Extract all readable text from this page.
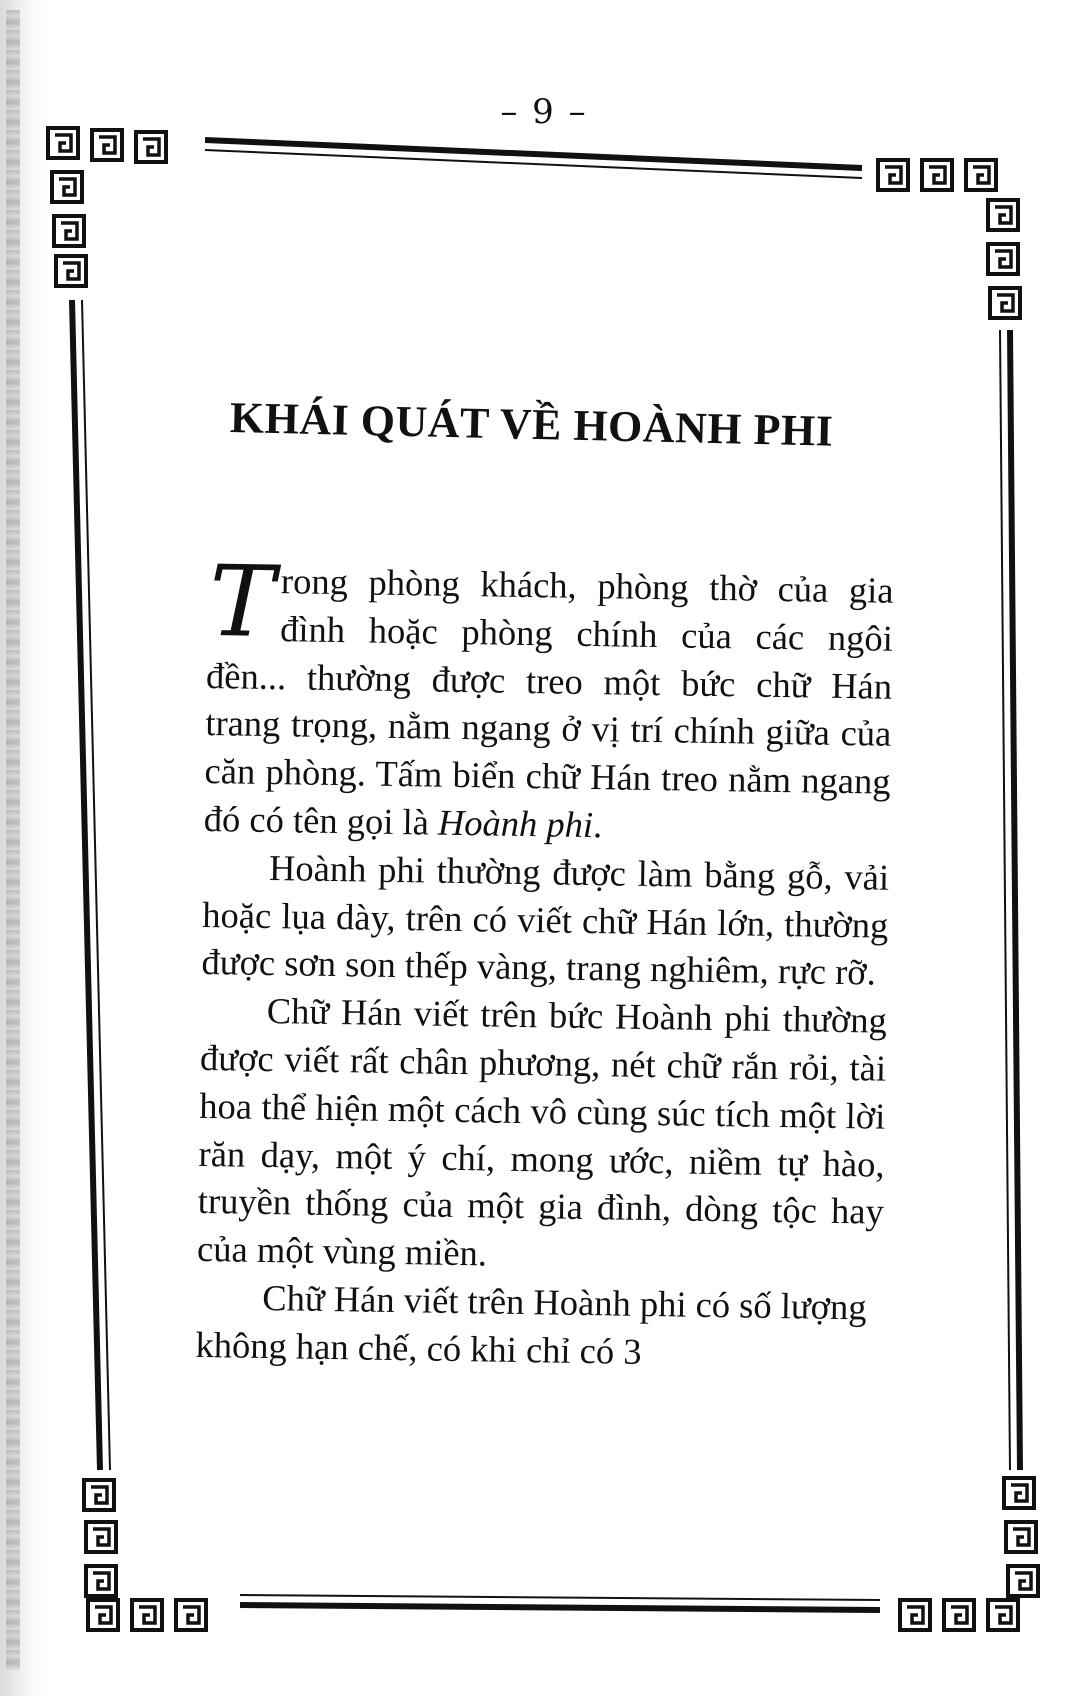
– 9 –
KHÁI QUÁT VỀ HOÀNH PHI

Trong phòng khách, phòng thờ của gia đình hoặc phòng chính của các ngôi đền... thường được treo một bức chữ Hán trang trọng, nằm ngang ở vị trí chính giữa của căn phòng. Tấm biển chữ Hán treo nằm ngang đó có tên gọi là Hoành phi.

Hoành phi thường được làm bằng gỗ, vải hoặc lụa dày, trên có viết chữ Hán lớn, thường được sơn son thếp vàng, trang nghiêm, rực rỡ.

Chữ Hán viết trên bức Hoành phi thường được viết rất chân phương, nét chữ rắn rỏi, tài hoa thể hiện một cách vô cùng súc tích một lời răn dạy, một ý chí, mong ước, niềm tự hào, truyền thống của một gia đình, dòng tộc hay của một vùng miền.

Chữ Hán viết trên Hoành phi có số lượng không hạn chế, có khi chỉ có 3
